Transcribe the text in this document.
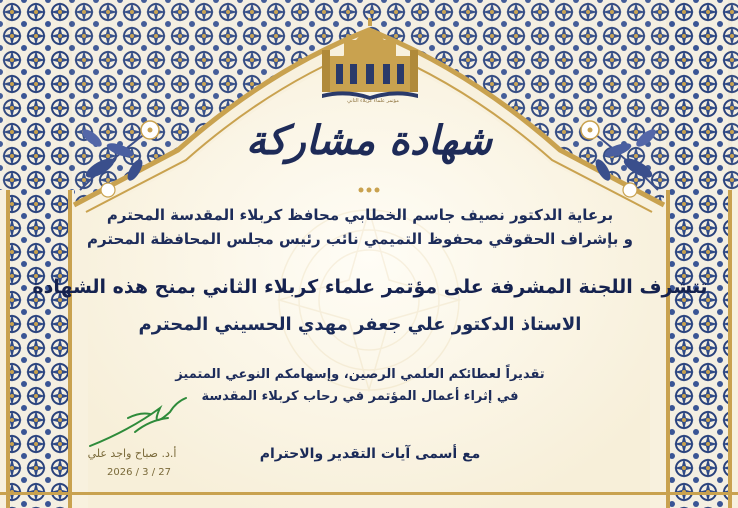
مؤتمر علماء كربلاء الثاني
شهادة مشاركة
برعاية الدكتور نصيف جاسم الخطابي محافظ كربلاء المقدسة المحترم
و بإشراف الحقوقي محفوظ التميمي نائب رئيس مجلس المحافظة المحترم
تتشرف اللجنة المشرفة على مؤتمر علماء كربلاء الثاني بمنح هذه الشهادة
الاستاذ الدكتور علي جعفر مهدي الحسيني المحترم
تقديراً لعطائكم العلمي الرصين، وإسهامكم النوعي المتميز
في إثراء أعمال المؤتمر في رحاب كربلاء المقدسة
مع أسمى آيات التقدير والاحترام
أ.د. صباح واجد علي
2026 / 3 / 27
